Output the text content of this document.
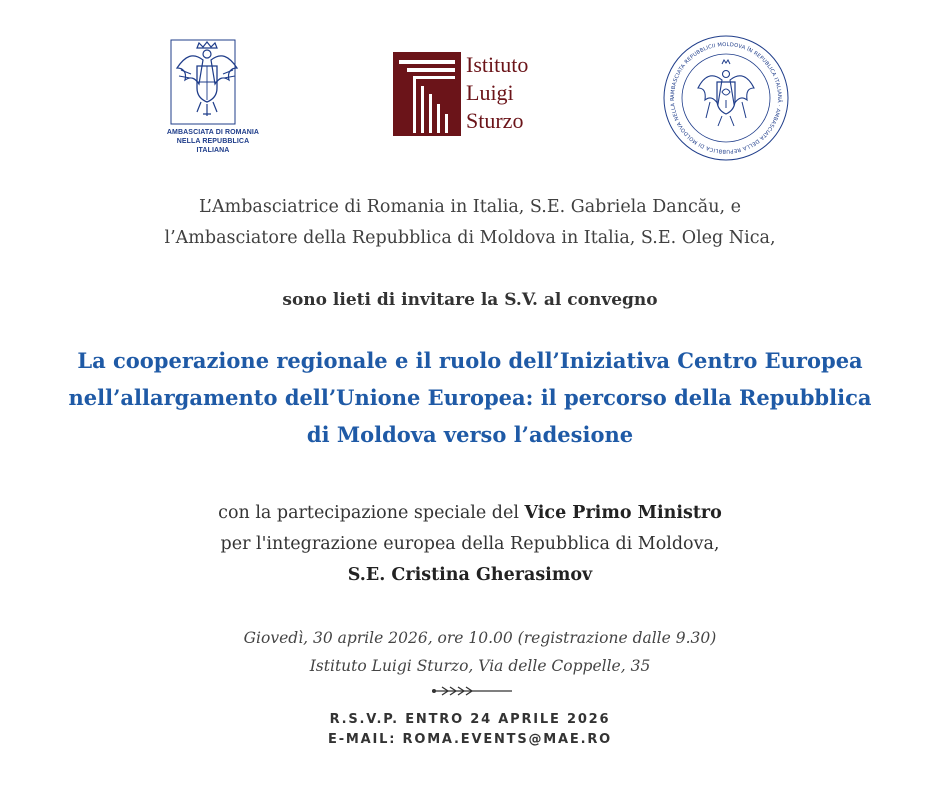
AMBASCIATA DI ROMANIA
NELLA REPUBBLICA ITALIANA
Istituto
Luigi
Sturzo
AMBASCIATA REPUBBLICII MOLDOVA ÎN REPUBLICA ITALIANĂ · AMBASCIATA DELLA REPUBBLICA DI MOLDOVA NELLA R
L’Ambasciatrice di Romania in Italia, S.E. Gabriela Dancău, e
l’Ambasciatore della Repubblica di Moldova in Italia, S.E. Oleg Nica,
sono lieti di invitare la S.V. al convegno
La cooperazione regionale e il ruolo dell’Iniziativa Centro Europea
nell’allargamento dell’Unione Europea: il percorso della Repubblica
di Moldova verso l’adesione
con la partecipazione speciale del Vice Primo Ministro
per l'integrazione europea della Repubblica di Moldova,
S.E. Cristina Gherasimov
Giovedì, 30 aprile 2026, ore 10.00 (registrazione dalle 9.30)
Istituto Luigi Sturzo, Via delle Coppelle, 35
R.S.V.P. ENTRO 24 APRILE 2026
E-MAIL: ROMA.EVENTS@MAE.RO
